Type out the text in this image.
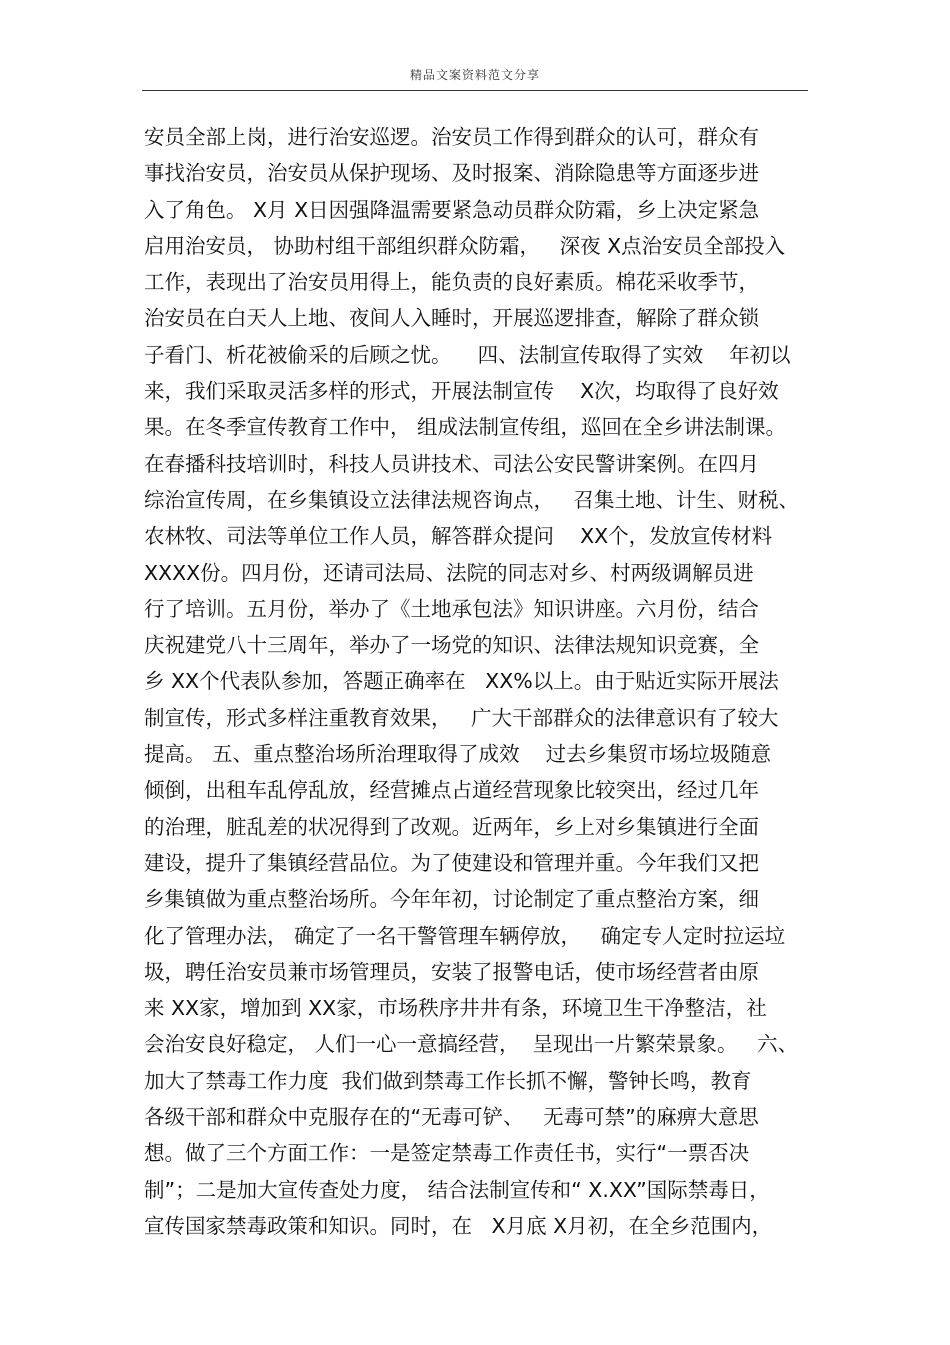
精品文案资料范文分享
安员全部上岗，进行治安巡逻。治安员工作得到群众的认可，群众有
事找治安员，治安员从保护现场、及时报案、消除隐患等方面逐步进
入了角色。 X月 X日因强降温需要紧急动员群众防霜，乡上决定紧急
启用治安员， 协助村组干部组织群众防霜，   深夜 X点治安员全部投入
工作，表现出了治安员用得上，能负责的良好素质。棉花采收季节，
治安员在白天人上地、夜间人入睡时，开展巡逻排查，解除了群众锁
子看门、析花被偷采的后顾之忧。    四、法制宣传取得了实效    年初以
来，我们采取灵活多样的形式，开展法制宣传    X次，均取得了良好效
果。在冬季宣传教育工作中， 组成法制宣传组，巡回在全乡讲法制课。
在春播科技培训时，科技人员讲技术、司法公安民警讲案例。在四月
综治宣传周，在乡集镇设立法律法规咨询点，   召集土地、计生、财税、
农林牧、司法等单位工作人员，解答群众提问    XX个，发放宣传材料
XXXX份。四月份，还请司法局、法院的同志对乡、村两级调解员进
行了培训。五月份，举办了《土地承包法》知识讲座。六月份，结合
庆祝建党八十三周年，举办了一场党的知识、法律法规知识竞赛，全
乡 XX个代表队参加，答题正确率在   XX%以上。由于贴近实际开展法
制宣传，形式多样注重教育效果，   广大干部群众的法律意识有了较大
提高。 五、重点整治场所治理取得了成效    过去乡集贸市场垃圾随意
倾倒，出租车乱停乱放，经营摊点占道经营现象比较突出，经过几年
的治理，脏乱差的状况得到了改观。近两年，乡上对乡集镇进行全面
建设，提升了集镇经营品位。为了使建设和管理并重。今年我们又把
乡集镇做为重点整治场所。今年年初，讨论制定了重点整治方案，细
化了管理办法， 确定了一名干警管理车辆停放，   确定专人定时拉运垃
圾，聘任治安员兼市场管理员，安装了报警电话，使市场经营者由原
来 XX家，增加到 XX家，市场秩序井井有条，环境卫生干净整洁，社
会治安良好稳定， 人们一心一意搞经营，  呈现出一片繁荣景象。   六、
加大了禁毒工作力度  我们做到禁毒工作长抓不懈，警钟长鸣，教育
各级干部和群众中克服存在的“无毒可铲、   无毒可禁”的麻痹大意思
想。做了三个方面工作：一是签定禁毒工作责任书，实行“一票否决
制”；二是加大宣传查处力度， 结合法制宣传和“ X.XX”国际禁毒日，
宣传国家禁毒政策和知识。同时，在   X月底 X月初，在全乡范围内，
